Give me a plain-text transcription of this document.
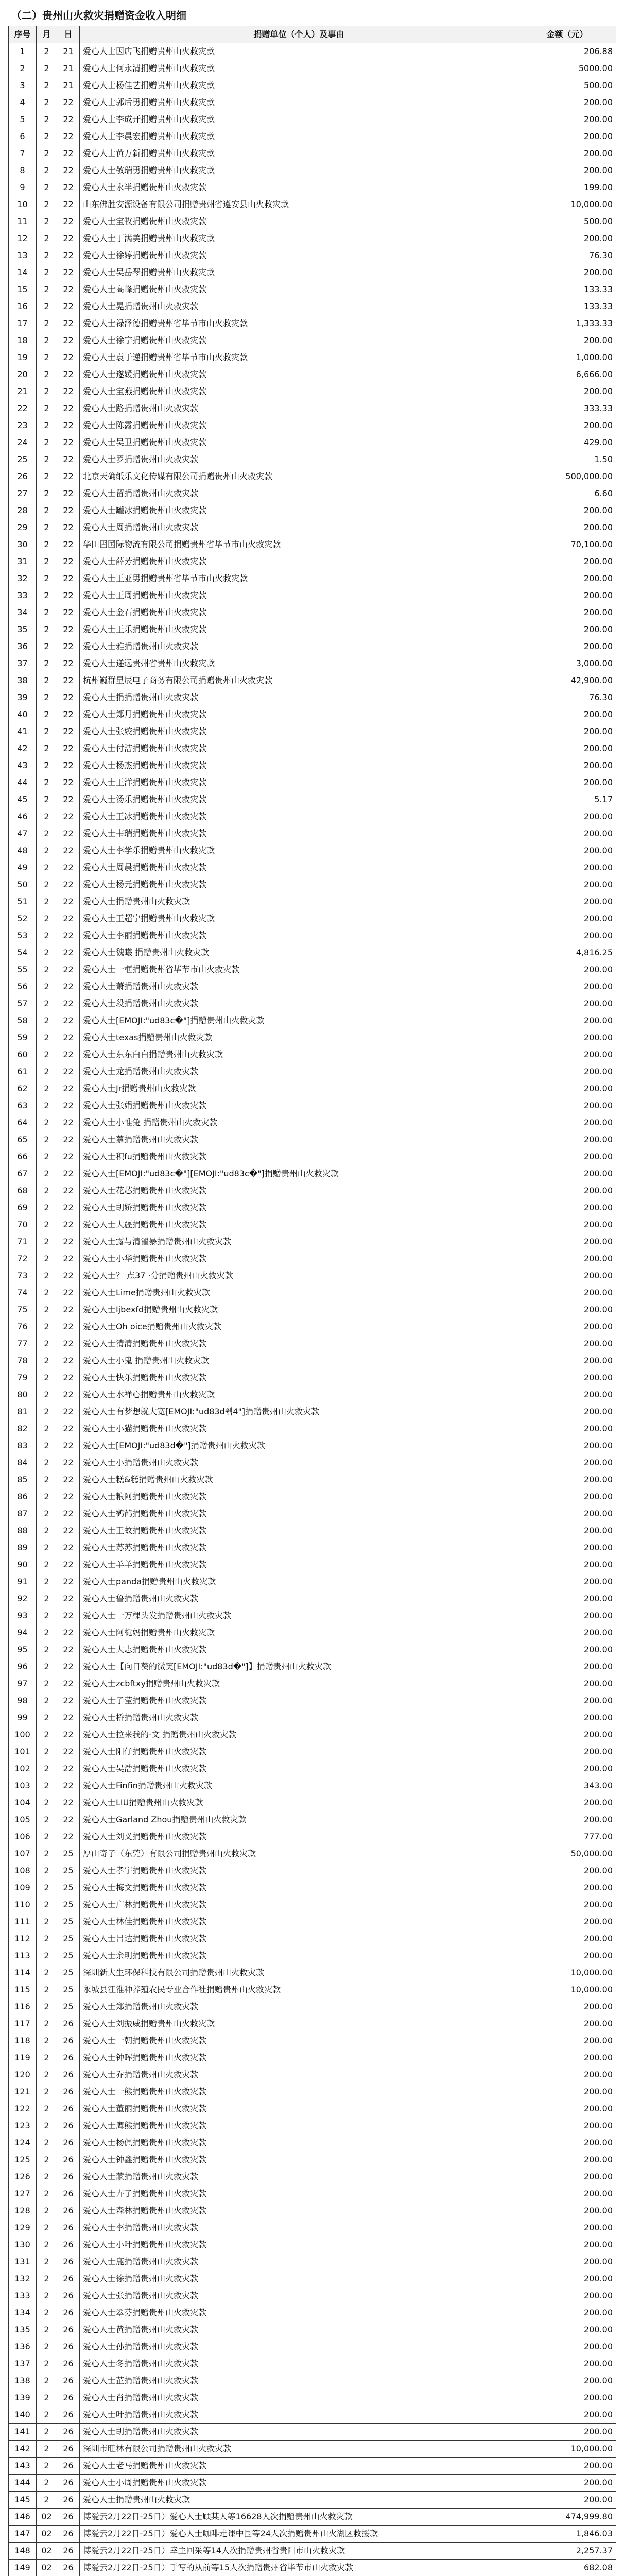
（二）贵州山火救灾捐赠资金收入明细
序号	月	日	捐赠单位（个人）及事由	金额（元）
1	2	21	爱心人士因店飞捐赠贵州山火救灾款	206.88
2	2	21	爱心人士何永清捐赠贵州山火救灾款	5000.00
3	2	21	爱心人士杨佳艺捐赠贵州山火救灾款	500.00
4	2	22	爱心人士郭后勇捐赠贵州山火救灾款	200.00
5	2	22	爱心人士李成开捐赠贵州山火救灾款	200.00
6	2	22	爱心人士李晨宏捐赠贵州山火救灾款	200.00
7	2	22	爱心人士黄万新捐赠贵州山火救灾款	200.00
8	2	22	爱心人士敬瑞勇捐赠贵州山火救灾款	200.00
9	2	22	爱心人士永半捐赠贵州山火救灾款	199.00
10	2	22	山东佛胜安源设备有限公司捐赠贵州省遵安县山火救灾款	10,000.00
11	2	22	爱心人士宝牧捐赠贵州山火救灾款	500.00
12	2	22	爱心人士丁满美捐赠贵州山火救灾款	200.00
13	2	22	爱心人士徐婷捐赠贵州山火救灾款	76.30
14	2	22	爱心人士吴岳琴捐赠贵州山火救灾款	200.00
15	2	22	爱心人士高峰捐赠贵州山火救灾款	133.33
16	2	22	爱心人士晃捐赠贵州山火救灾款	133.33
17	2	22	爱心人士禄泽德捐赠贵州省毕节市山火救灾款	1,333.33
18	2	22	爱心人士徐宁捐赠贵州山火救灾款	200.00
19	2	22	爱心人士袁于递捐赠贵州省毕节市山火救灾款	1,000.00
20	2	22	爱心人士遂媛捐赠贵州山火救灾款	6,666.00
21	2	22	爱心人士宝燕捐赠贵州山火救灾款	200.00
22	2	22	爱心人士路捐赠贵州山火救灾款	333.33
23	2	22	爱心人士陈露捐赠贵州山火救灾款	200.00
24	2	22	爱心人士吴卫捐赠贵州山火救灾款	429.00
25	2	22	爱心人士罗捐赠贵州山火救灾款	1.50
26	2	22	北京天确纸乐文化传媒有限公司捐赠贵州山火救灾款	500,000.00
27	2	22	爱心人士留捐赠贵州山火救灾款	6.60
28	2	22	爱心人士罐冰捐赠贵州山火救灾款	200.00
29	2	22	爱心人士周捐赠贵州山火救灾款	200.00
30	2	22	华田固国际物流有限公司捐赠贵州省毕节市山火救灾款	70,100.00
31	2	22	爱心人士薛芳捐赠贵州山火救灾款	200.00
32	2	22	爱心人士王亚男捐赠贵州省毕节市山火救灾款	200.00
33	2	22	爱心人士王周捐赠贵州山火救灾款	200.00
34	2	22	爱心人士金石捐赠贵州山火救灾款	200.00
35	2	22	爱心人士王乐捐赠贵州山火救灾款	200.00
36	2	22	爱心人士雅捐赠贵州山火救灾款	200.00
37	2	22	爱心人士递远贵州省贵州山火救灾款	3,000.00
38	2	22	杭州巍群星辰电子商务有限公司捐赠贵州山火救灾款	42,900.00
39	2	22	爱心人士捐捐赠贵州山火救灾款	76.30
40	2	22	爱心人士郑月捐赠贵州山火救灾款	200.00
41	2	22	爱心人士张姣捐赠贵州山火救灾款	200.00
42	2	22	爱心人士付洁捐赠贵州山火救灾款	200.00
43	2	22	爱心人士杨杰捐赠贵州山火救灾款	200.00
44	2	22	爱心人士王洋捐赠贵州山火救灾款	200.00
45	2	22	爱心人士汤乐捐赠贵州山火救灾款	5.17
46	2	22	爱心人士王冰捐赠贵州山火救灾款	200.00
47	2	22	爱心人士韦瑞捐赠贵州山火救灾款	200.00
48	2	22	爱心人士李学乐捐赠贵州山火救灾款	200.00
49	2	22	爱心人士周晨捐赠贵州山火救灾款	200.00
50	2	22	爱心人士杨元捐赠贵州山火救灾款	200.00
51	2	22	爱心人士捐赠贵州山火救灾款	200.00
52	2	22	爱心人士王超宁捐赠贵州山火救灾款	200.00
53	2	22	爱心人士李丽捐赠贵州山火救灾款	200.00
54	2	22	爱心人士魏曦 捐赠贵州山火救灾款	4,816.25
55	2	22	爱心人士一框捐赠贵州省毕节市山火救灾款	200.00
56	2	22	爱心人士萧捐赠贵州山火救灾款	200.00
57	2	22	爱心人士段捐赠贵州山火救灾款	200.00
58	2	22	爱心人士[EMOJI:"ud83c�"]捐赠贵州山火救灾款	200.00
59	2	22	爱心人士texas捐赠贵州山火救灾款	200.00
60	2	22	爱心人士东东白白捐赠贵州山火救灾款	200.00
61	2	22	爱心人士龙捐赠贵州山火救灾款	200.00
62	2	22	爱心人士Jr捐赠贵州山火救灾款	200.00
63	2	22	爱心人士张娟捐赠贵州山火救灾款	200.00
64	2	22	爱心人士小惟兔 捐赠贵州山火救灾款	200.00
65	2	22	爱心人士蔡捐赠贵州山火救灾款	200.00
66	2	22	爱心人士积fu捐赠贵州山火救灾款	200.00
67	2	22	爱心人士[EMOJI:"ud83c�"][EMOJI:"ud83c�"]捐赠贵州山火救灾款	200.00
68	2	22	爱心人士花芯捐赠贵州山火救灾款	200.00
69	2	22	爱心人士胡娇捐赠贵州山火救灾款	200.00
70	2	22	爱心人士大疆捐赠贵州山火救灾款	200.00
71	2	22	爱心人士露与清濯暴捐赠贵州山火救灾款	200.00
72	2	22	爱心人士小华捐赠贵州山火救灾款	200.00
73	2	22	爱心人士？ 点37 ·分捐赠贵州山火救灾款	200.00
74	2	22	爱心人士Lime捐赠贵州山火救灾款	200.00
75	2	22	爱心人士Ijbexfd捐赠贵州山火救灾款	200.00
76	2	22	爱心人士Oh oice捐赠贵州山火救灾款	200.00
77	2	22	爱心人士清清捐赠贵州山火救灾款	200.00
78	2	22	爱心人士小鬼 捐赠贵州山火救灾款	200.00
79	2	22	爱心人士快乐捐赠贵州山火救灾款	200.00
80	2	22	爱心人士水禅心捐赠贵州山火救灾款	200.00
81	2	22	爱心人士有梦想就大宽[EMOJI:"ud83d췤4"]捐赠贵州山火救灾款	200.00
82	2	22	爱心人士小猫捐赠贵州山火救灾款	200.00
83	2	22	爱心人士[EMOJI:"ud83d�"]捐赠贵州山火救灾款	200.00
84	2	22	爱心人士小捐赠贵州山火救灾款	200.00
85	2	22	爱心人士糕&糕捐赠贵州山火救灾款	200.00
86	2	22	爱心人士粮阿捐赠贵州山火救灾款	200.00
87	2	22	爱心人士鹤鹤捐赠贵州山火救灾款	200.00
88	2	22	爱心人士王蚊捐赠贵州山火救灾款	200.00
89	2	22	爱心人士苏苏捐赠贵州山火救灾款	200.00
90	2	22	爱心人士羊羊捐赠贵州山火救灾款	200.00
91	2	22	爱心人士panda捐赠贵州山火救灾款	200.00
92	2	22	爱心人士鲁捐赠贵州山火救灾款	200.00
93	2	22	爱心人士一万棵头发捐赠贵州山火救灾款	200.00
94	2	22	爱心人士阿栀妈捐赠贵州山火救灾款	200.00
95	2	22	爱心人士大志捐赠贵州山火救灾款	200.00
96	2	22	爱心人士【向日葵的微笑[EMOJI:"ud83d�"]】捐赠贵州山火救灾款	200.00
97	2	22	爱心人士zcbftxy捐赠贵州山火救灾款	200.00
98	2	22	爱心人士子莹捐赠贵州山火救灾款	200.00
99	2	22	爱心人士桥捐赠贵州山火救灾款	200.00
100	2	22	爱心人士拉来我的·文 捐赠贵州山火救灾款	200.00
101	2	22	爱心人士阳仔捐赠贵州山火救灾款	200.00
102	2	22	爱心人士吴浩捐赠贵州山火救灾款	200.00
103	2	22	爱心人士Finfin捐赠贵州山火救灾款	343.00
104	2	22	爱心人士LIU捐赠贵州山火救灾款	200.00
105	2	22	爱心人士Garland Zhou捐赠贵州山火救灾款	200.00
106	2	22	爱心人士刘义捐赠贵州山火救灾款	777.00
107	2	25	厚山奇子（东莞）有限公司捐赠贵州山火救灾款	50,000.00
108	2	25	爱心人士孝宇捐赠贵州山火救灾款	200.00
109	2	25	爱心人士梅文捐赠贵州山火救灾款	200.00
110	2	25	爱心人士广林捐赠贵州山火救灾款	200.00
111	2	25	爱心人士林佳捐赠贵州山火救灾款	200.00
112	2	25	爱心人士吕达捐赠贵州山火救灾款	200.00
113	2	25	爱心人士余明捐赠贵州山火救灾款	200.00
114	2	25	深圳新大生环保科技有限公司捐赠贵州山火救灾款	10,000.00
115	2	25	永城县江淮种养殖农民专业合作社捐赠贵州山火救灾款	10,000.00
116	2	25	爱心人士郑捐赠贵州山火救灾款	200.00
117	2	26	爱心人士刘振威捐赠贵州山火救灾款	200.00
118	2	26	爱心人士一朝捐赠贵州山火救灾款	200.00
119	2	26	爱心人士钟晖捐赠贵州山火救灾款	200.00
120	2	26	爱心人士乔捐赠贵州山火救灾款	200.00
121	2	26	爱心人士一熊捐赠贵州山火救灾款	200.00
122	2	26	爱心人士董丽捐赠贵州山火救灾款	200.00
123	2	26	爱心人士鹰熊捐赠贵州山火救灾款	200.00
124	2	26	爱心人士杨佩捐赠贵州山火救灾款	200.00
125	2	26	爱心人士钟鑫捐赠贵州山火救灾款	200.00
126	2	26	爱心人士蒙捐赠贵州山火救灾款	200.00
127	2	26	爱心人士卉子捐赠贵州山火救灾款	200.00
128	2	26	爱心人士森林捐赠贵州山火救灾款	200.00
129	2	26	爱心人士李捐赠贵州山火救灾款	200.00
130	2	26	爱心人士小叶捐赠贵州山火救灾款	200.00
131	2	26	爱心人士鹿捐赠贵州山火救灾款	200.00
132	2	26	爱心人士徐捐赠贵州山火救灾款	200.00
133	2	26	爱心人士张捐赠贵州山火救灾款	200.00
134	2	26	爱心人士翠芬捐赠贵州山火救灾款	200.00
135	2	26	爱心人士黄捐赠贵州山火救灾款	200.00
136	2	26	爱心人士孙捐赠贵州山火救灾款	200.00
137	2	26	爱心人士冬捐赠贵州山火救灾款	200.00
138	2	26	爱心人士芷捐赠贵州山火救灾款	200.00
139	2	26	爱心人士肖捐赠贵州山火救灾款	200.00
140	2	26	爱心人士叶捐赠贵州山火救灾款	200.00
141	2	26	爱心人士胡捐赠贵州山火救灾款	200.00
142	2	26	深圳市旺林有限公司捐赠贵州山火救灾款	10,000.00
143	2	26	爱心人士老马捐赠贵州山火救灾款	200.00
144	2	26	爱心人士小周捐赠贵州山火救灾款	200.00
145	2	26	爱心人士捐赠贵州山火救灾款	200.00
146	02	26	博爱云2月22日-25日）爱心人士顾某人等16628人次捐赠贵州山火救灾款	474,999.80
147	02	26	博爱云2月22日-25日）爱心人士咖啡走课中国等24人次捐赠贵州山火湖区救援款	1,846.03
148	02	26	博爱云2月22日-25日）幸主回采等14人次捐赠贵州省贵阳市山火救灾款	2,257.37
149	02	26	博爱云2月22日-25日）手写的从前等15人次捐赠贵州省毕节市山火救灾款	682.08
